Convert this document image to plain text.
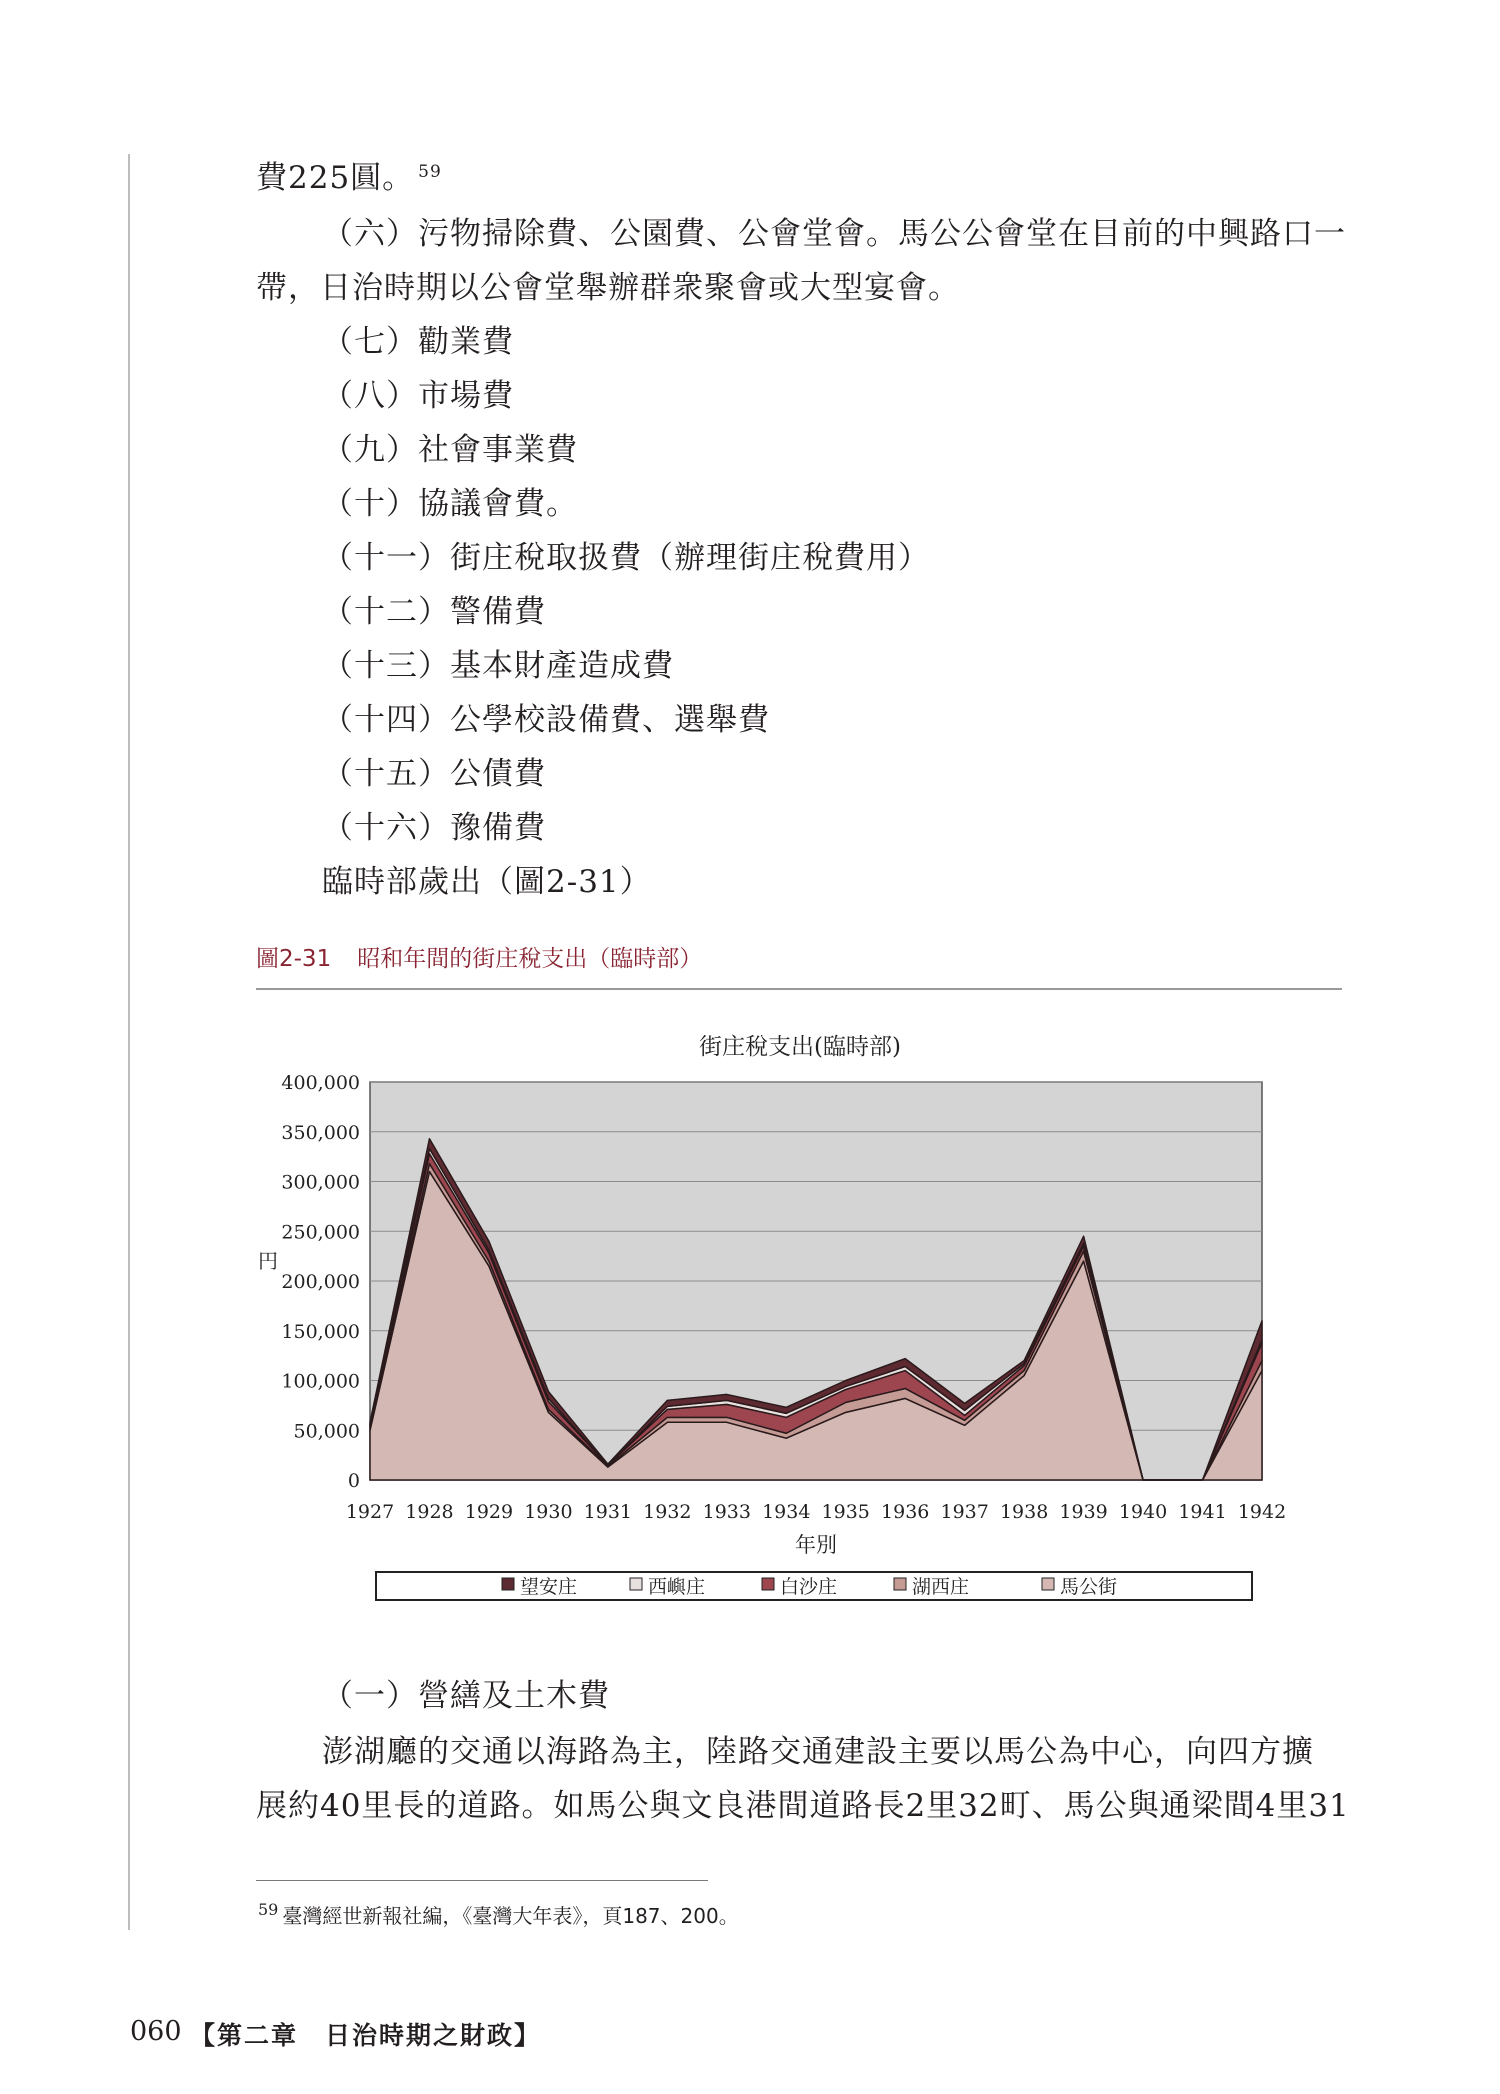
費225圓。 $^{59}$
（六）污物掃除費、公園費、公會堂會。馬公公會堂在目前的中興路口一
帶，日治時期以公會堂舉辦群衆聚會或大型宴會。
（七）勸業費
（八）市場費
（九）社會事業費
（十）協議會費。
（十一）街庄稅取扱費（辦理街庄稅費用）
（十二）警備費
（十三）基本財產造成費
（十四）公學校設備費、選舉費
（十五）公債費
（十六）豫備費
臨時部歲出（圖2-31）
圖2-31 昭和年間的街庄稅支出（臨時部）
街庄稅支出(臨時部)
400,000
350,000
300,000
250,000
200,000
150,000
100,000
50,000
0
1927 1928 1929 1930 1931 1932 1933 1934 1935 1936 1937 1938 1939 1940 1941 1942
円
年別
望安庄	西嶼庄	白沙庄	湖西庄	馬公街
（一）營繕及土木費
澎湖廳的交通以海路為主，陸路交通建設主要以馬公為中心，向四方擴
展約40里長的道路。如馬公與文良港間道路長2里32町、馬公與通梁間4里31
$^{59}$ 臺灣經世新報社編，《臺灣大年表》，頁187、200。
060 【第二章　日治時期之財政】
